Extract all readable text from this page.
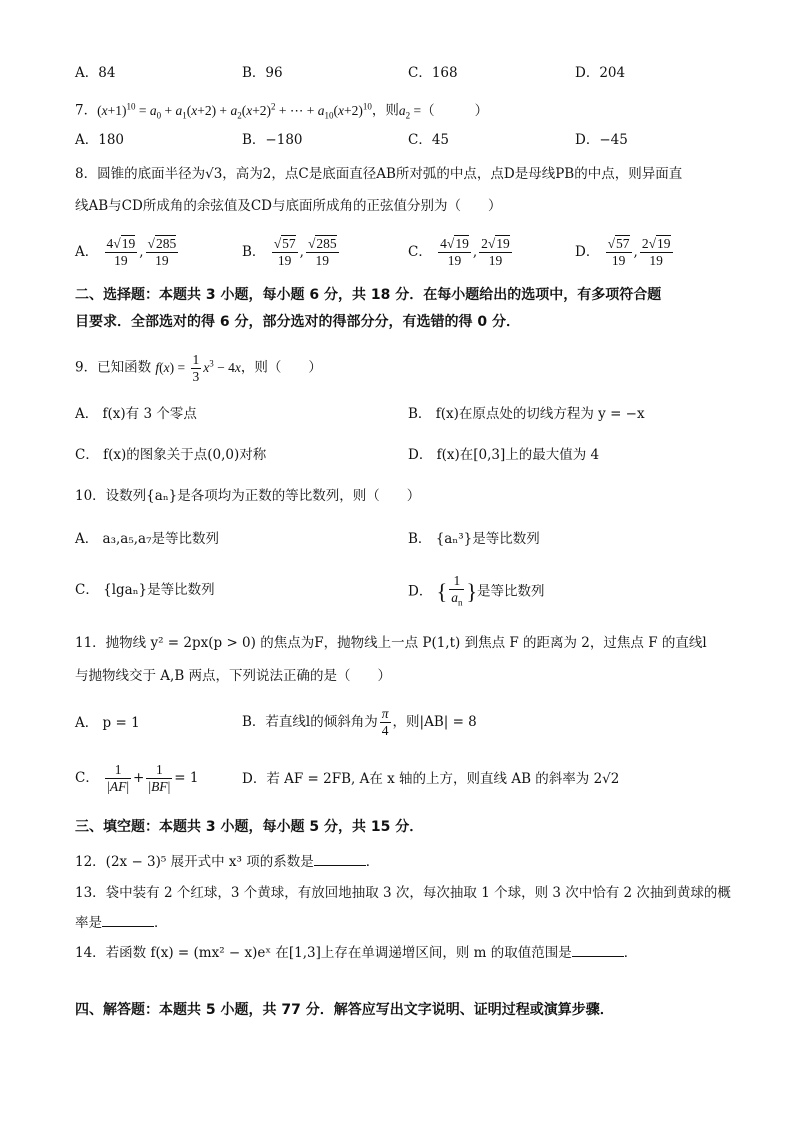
A．84	B．96	C．168	D．204
7．$(x+1)^{10} = a_0 + a_1(x+2) + a_2(x+2)^2$ + ⋯ + $a_{10}(x+2)^{10}$，则$a_2$ =（	）
A．180	B．−180	C．45	D．−45
8．圆锥的底面半径为√3，高为2，点C是底面直径AB所对弧的中点，点D是母线PB的中点，则异面直
线AB与CD所成角的余弦值及CD与底面所成角的正弦值分别为（　　）
A． $\frac{4√19}{19}$ , $\frac{√285}{19}$	B． $\frac{√57}{19}$ , $\frac{√285}{19}$	C． $\frac{4√19}{19}$ , $\frac{2√19}{19}$	D． $\frac{√57}{19}$ , $\frac{2√19}{19}$
二、选择题：本题共 3 小题，每小题 6 分，共 18 分．在每小题给出的选项中，有多项符合题
目要求．全部选对的得 6 分，部分选对的得部分分，有选错的得 0 分．
9．已知函数 $f(x) = \frac{1}{3} x^3 - 4x$，则（　　）
A． f(x)有 3 个零点	B． f(x)在原点处的切线方程为 y = −x
C． f(x)的图象关于点(0,0)对称	D． f(x)在[0,3]上的最大值为 4
10．设数列{aₙ}是各项均为正数的等比数列，则（　　）
A． a₃,a₅,a₇是等比数列	B． {aₙ³}是等比数列
C． {lgaₙ}是等比数列	D． { $\frac{1}{a_n}$ }是等比数列
11．抛物线 y² = 2px(p > 0) 的焦点为F，抛物线上一点 P(1,t) 到焦点 F 的距离为 2，过焦点 F 的直线l
与抛物线交于 A,B 两点，下列说法正确的是（　　）
A． p = 1	B．若直线l的倾斜角为 $\frac{\pi}{4}$ ，则|AB| = 8
C． $\frac{1}{|AF|} + \frac{1}{|BF|} = 1$	D．若 AF = 2FB, A在 x 轴的上方，则直线 AB 的斜率为 2√2
三、填空题：本题共 3 小题，每小题 5 分，共 15 分．
12．(2x − 3)⁵ 展开式中 x³ 项的系数是	．
13．袋中装有 2 个红球，3 个黄球，有放回地抽取 3 次，每次抽取 1 个球，则 3 次中恰有 2 次抽到黄球的概
率是	．
14．若函数 f(x) = (mx² − x)eˣ 在[1,3]上存在单调递增区间，则 m 的取值范围是	．
四、解答题：本题共 5 小题，共 77 分．解答应写出文字说明、证明过程或演算步骤．
